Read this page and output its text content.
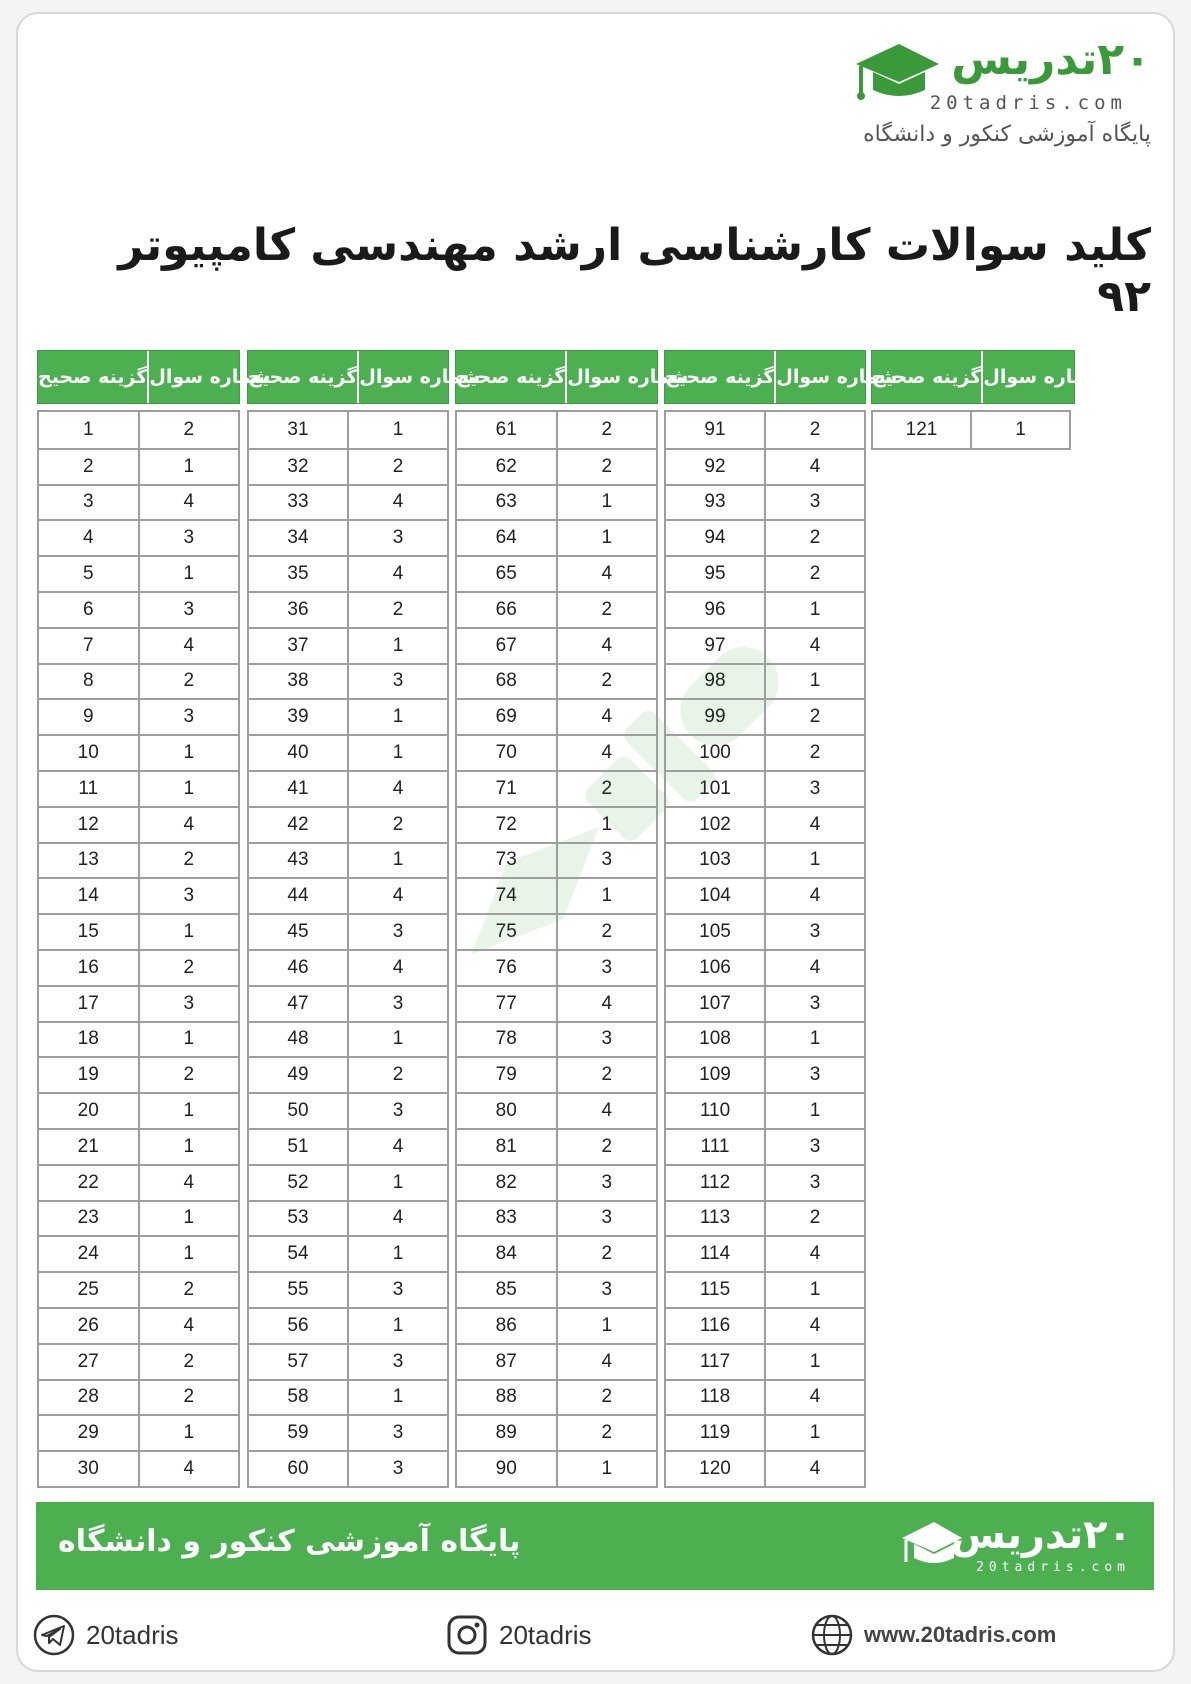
۲۰تدریس
20tadris.com
پایگاه آموزشی کنکور و دانشگاه
کلید سوالات کارشناسی ارشد مهندسی کامپیوتر ۹۲
گزینه صحیح شماره سوال
121	1
گزینه صحیح شماره سوال
91	2
92	4
93	3
94	2
95	2
96	1
97	4
98	1
99	2
100	2
101	3
102	4
103	1
104	4
105	3
106	4
107	3
108	1
109	3
110	1
111	3
112	3
113	2
114	4
115	1
116	4
117	1
118	4
119	1
120	4
گزینه صحیح شماره سوال
61	2
62	2
63	1
64	1
65	4
66	2
67	4
68	2
69	4
70	4
71	2
72	1
73	3
74	1
75	2
76	3
77	4
78	3
79	2
80	4
81	2
82	3
83	3
84	2
85	3
86	1
87	4
88	2
89	2
90	1
گزینه صحیح شماره سوال
31	1
32	2
33	4
34	3
35	4
36	2
37	1
38	3
39	1
40	1
41	4
42	2
43	1
44	4
45	3
46	4
47	3
48	1
49	2
50	3
51	4
52	1
53	4
54	1
55	3
56	1
57	3
58	1
59	3
60	3
گزینه صحیح شماره سوال
1	2
2	1
3	4
4	3
5	1
6	3
7	4
8	2
9	3
10	1
11	1
12	4
13	2
14	3
15	1
16	2
17	3
18	1
19	2
20	1
21	1
22	4
23	1
24	1
25	2
26	4
27	2
28	2
29	1
30	4
پایگاه آموزشی کنکور و دانشگاه	۲۰تدریس
20tadris.com
20tadris	20tadris	www.20tadris.com
